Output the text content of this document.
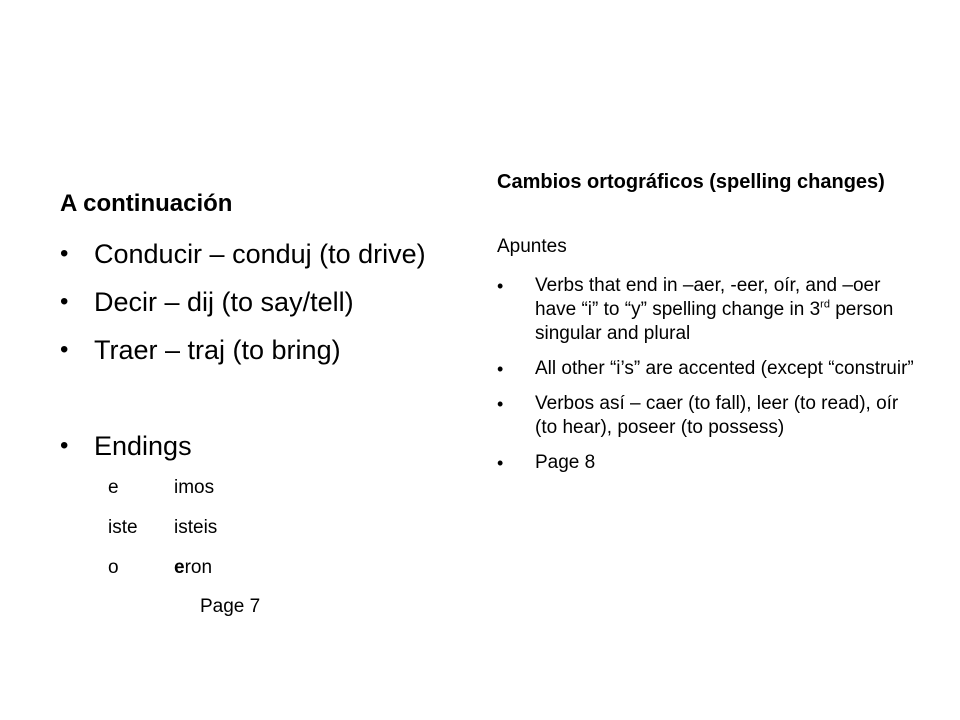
A continuación
• Conducir – conduj (to drive)
• Decir – dij (to say/tell)
• Traer – traj (to bring)
• Endings
e	imos
iste	isteis
o	eron
Page 7
Cambios ortográficos (spelling changes)
Apuntes
• Verbs that end in –aer, -eer, oír, and –oer have “i” to “y” spelling change in 3rd person singular and plural
• All other “i’s” are accented (except “construir”
• Verbos así – caer (to fall), leer (to read), oír (to hear), poseer (to possess)
• Page 8
